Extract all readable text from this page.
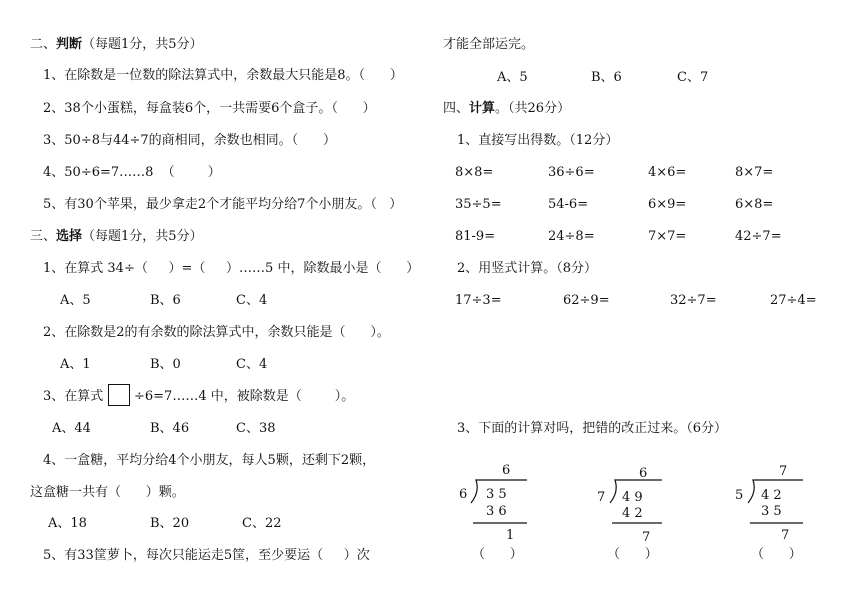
二、判断（每题1分，共5分）
1、在除数是一位数的除法算式中，余数最大只能是8。（      ）
2、38个小蛋糕，每盒装6个，一共需要6个盒子。（      ）
3、50÷8与44÷7的商相同，余数也相同。（      ）
4、50÷6=7……8  （        ）
5、有30个苹果，最少拿走2个才能平均分给7个小朋友。（   ）
三、选择（每题1分，共5分）
1、在算式 34÷（     ）=（     ）……5 中，除数最小是（      ）
A、5	B、6	C、4
2、在除数是2的有余数的除法算式中，余数只能是（      ）。
A、1	B、0	C、4
3、在算式 ÷6=7……4 中，被除数是（        ）。
A、44	B、46	C、38
4、一盒糖，平均分给4个小朋友，每人5颗，还剩下2颗，
这盒糖一共有（      ）颗。
A、18	B、20	C、22
5、有33筐萝卜，每次只能运走5筐，至少要运（     ）次
才能全部运完。
A、5	B、6	C、7
四、计算。（共26分）
1、直接写出得数。（12分）
8×8=	36÷6=	4×6=	8×7=
35÷5=	54-6=	6×9=	6×8=
81-9=	24÷8=	7×7=	42÷7=
2、用竖式计算。（8分）
17÷3=	62÷9=	32÷7=	27÷4=
3、下面的计算对吗，把错的改正过来。（6分）
6
6 3 5
3 6
1
（      ）
6
7 4 9
4 2
7
（      ）
7
5 4 2
3 5
7
（      ）
